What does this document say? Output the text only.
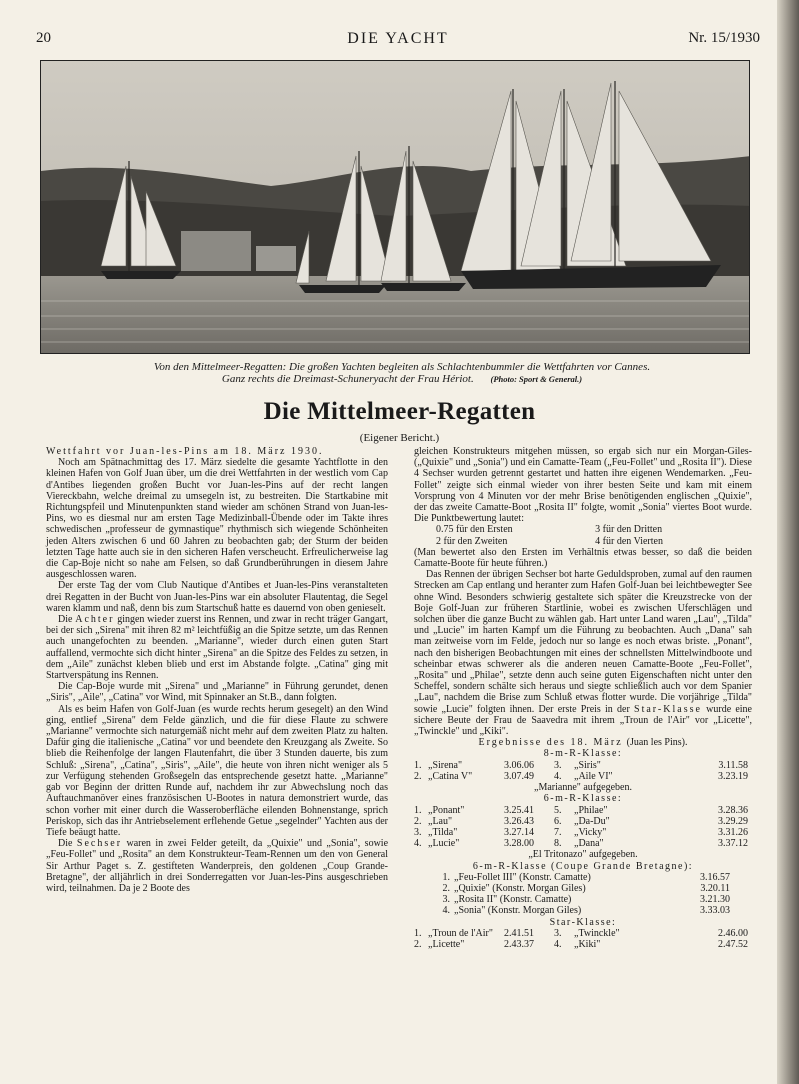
20	DIE YACHT	Nr. 15/1930
Von den Mittelmeer-Regatten: Die großen Yachten begleiten als Schlachtenbummler die Wettfahrten vor Cannes.
Ganz rechts die Dreimast-Schuneryacht der Frau Hériot. (Photo: Sport & General.)
Die Mittelmeer-Regatten
(Eigener Bericht.)

Wettfahrt vor Juan-les-Pins am 18. März 1930.

Noch am Spätnachmittag des 17. März siedelte die gesamte Yachtflotte in den kleinen Hafen von Golf Juan über, um die drei Wettfahrten in der westlich vom Cap d'Antibes liegenden großen Bucht vor Juan-les-Pins auf der recht langen Viereckbahn, welche dreimal zu umsegeln ist, zu bestreiten. Die Startkabine mit Richtungspfeil und Minutenpunkten stand wieder am schönen Strand von Juan-les-Pins, wo es diesmal nur am ersten Tage Medizinball-Übende oder im Takte ihres schwedischen „professeur de gymnastique" rhythmisch sich wiegende Schönheiten jeden Alters zwischen 6 und 60 Jahren zu beobachten gab; der Sturm der beiden letzten Tage hatte auch sie in den sicheren Hafen verscheucht. Erfreulicherweise lag die Cap-Boje nicht so nahe am Felsen, so daß Grundberührungen in diesem Jahre ausgeschlossen waren.

Der erste Tag der vom Club Nautique d'Antibes et Juan-les-Pins veranstalteten drei Regatten in der Bucht von Juan-les-Pins war ein absoluter Flautentag, die Segel waren klamm und naß, denn bis zum Startschuß hatte es dauernd von oben genieselt.

Die Achter gingen wieder zuerst ins Rennen, und zwar in recht träger Gangart, bei der sich „Sirena" mit ihren 82 m² leichtfüßig an die Spitze setzte, um das Rennen auch unangefochten zu beenden. „Marianne", wieder durch einen guten Start auffallend, vermochte sich dicht hinter „Sirena" an die Spitze des Feldes zu setzen, in dem „Aile" zunächst kleben blieb und erst im Abstande folgte. „Catina" ging mit Startverspätung ins Rennen.

Die Cap-Boje wurde mit „Sirena" und „Marianne" in Führung gerundet, denen „Siris", „Aile", „Catina" vor Wind, mit Spinnaker an St.B., dann folgten.

Als es beim Hafen von Golf-Juan (es wurde rechts herum gesegelt) an den Wind ging, entlief „Sirena" dem Felde gänzlich, und die für diese Flaute zu schwere „Marianne" vermochte sich naturgemäß nicht mehr auf dem zweiten Platz zu halten. Dafür ging die italienische „Catina" vor und beendete den Kreuzgang als Zweite. So blieb die Reihenfolge der langen Flautenfahrt, die über 3 Stunden dauerte, bis zum Schluß: „Sirena", „Catina", „Siris", „Aile", die heute von ihren nicht weniger als 5 zur Verfügung stehenden Großsegeln das entsprechende gesetzt hatte. „Marianne" gab vor Beginn der dritten Runde auf, nachdem ihr zur Abwechslung noch das Auftauchmanöver eines französischen U-Bootes in natura demonstriert wurde, das schon vorher mit einer durch die Wasseroberfläche eilenden Bohnenstange, sprich Periskop, sich das ihr Antriebselement erflehende Getue „segelnder" Yachten aus der Tiefe beäugt hatte.

Die Sechser waren in zwei Felder geteilt, da „Quixie" und „Sonia", sowie „Feu-Follet" und „Rosita" an dem Konstrukteur-Team-Rennen um den von General Sir Arthur Paget s. Z. gestifteten Wanderpreis, den goldenen „Coup Grande-Bretagne", der alljährlich in drei Sonderregatten vor Juan-les-Pins ausgeschrieben wird, teilnahmen. Da je 2 Boote des

gleichen Konstrukteurs mitgehen müssen, so ergab sich nur ein Morgan-Giles- („Quixie" und „Sonia") und ein Camatte-Team („Feu-Follet" und „Rosita II"). Diese 4 Sechser wurden getrennt gestartet und hatten ihre eigenen Wendemarken. „Feu-Follet" zeigte sich einmal wieder von ihrer besten Seite und kam mit einem Vorsprung von 4 Minuten vor der mehr Brise benötigenden englischen „Quixie", der das zweite Camatte-Boot „Rosita II" folgte, womit „Sonia" viertes Boot wurde. Die Punktbewertung lautet:

0.75 für den Ersten	3 für den Dritten
2 für den Zweiten	4 für den Vierten

(Man bewertet also den Ersten im Verhältnis etwas besser, so daß die beiden Camatte-Boote für heute führen.)

Das Rennen der übrigen Sechser bot harte Geduldsproben, zumal auf den raumen Strecken am Cap entlang und heranter zum Hafen Golf-Juan bei leichtbewegter See ohne Wind. Besonders schwierig gestaltete sich später die Kreuzstrecke von der Boje Golf-Juan zur früheren Startlinie, wobei es zwischen Uferschlägen und solchen über die ganze Bucht zu wählen gab. Hart unter Land waren „Lau", „Tilda" und „Lucie" im harten Kampf um die Führung zu beobachten. Auch „Dana" sah man zeitweise vorn im Felde, jedoch nur so lange es noch etwas briste. „Ponant", nach den bisherigen Beobachtungen mit eines der schnellsten Mittelwindboote und scheinbar etwas schwerer als die anderen neuen Camatte-Boote „Feu-Follet", „Rosita" und „Philae", setzte denn auch seine guten Eigenschaften nicht unter den Scheffel, sondern schälte sich heraus und siegte schließlich auch vor dem Spanier „Lau", nachdem die Brise zum Schluß etwas flotter wurde. Die vorjährige „Tilda" sowie „Lucie" folgten ihnen. Der erste Preis in der Star-Klasse wurde eine sichere Beute der Frau de Saavedra mit ihrem „Troun de l'Air" vor „Licette", „Twinckle" und „Kiki".

Ergebnisse des 18. März (Juan les Pins).
8-m-R-Klasse:
1.	„Sirena"	3.06.06	3.	„Siris"	3.11.58
2.	„Catina V"	3.07.49	4.	„Aile VI"	3.23.19
„Marianne" aufgegeben.
6-m-R-Klasse:
1.	„Ponant"	3.25.41	5.	„Philae"	3.28.36
2.	„Lau"	3.26.43	6.	„Da-Du"	3.29.29
3.	„Tilda"	3.27.14	7.	„Vicky"	3.31.26
4.	„Lucie"	3.28.00	8.	„Dana"	3.37.12
„El Tritonazo" aufgegeben.
6-m-R-Klasse (Coupe Grande Bretagne):
1.	„Feu-Follet III" (Konstr. Camatte)	3.16.57
2.	„Quixie" (Konstr. Morgan Giles)	3.20.11
3.	„Rosita II" (Konstr. Camatte)	3.21.30
4.	„Sonia" (Konstr. Morgan Giles)	3.33.03
Star-Klasse:
1.	„Troun de l'Air"	2.41.51	3.	„Twinckle"	2.46.00
2.	„Licette"	2.43.37	4.	„Kiki"	2.47.52
